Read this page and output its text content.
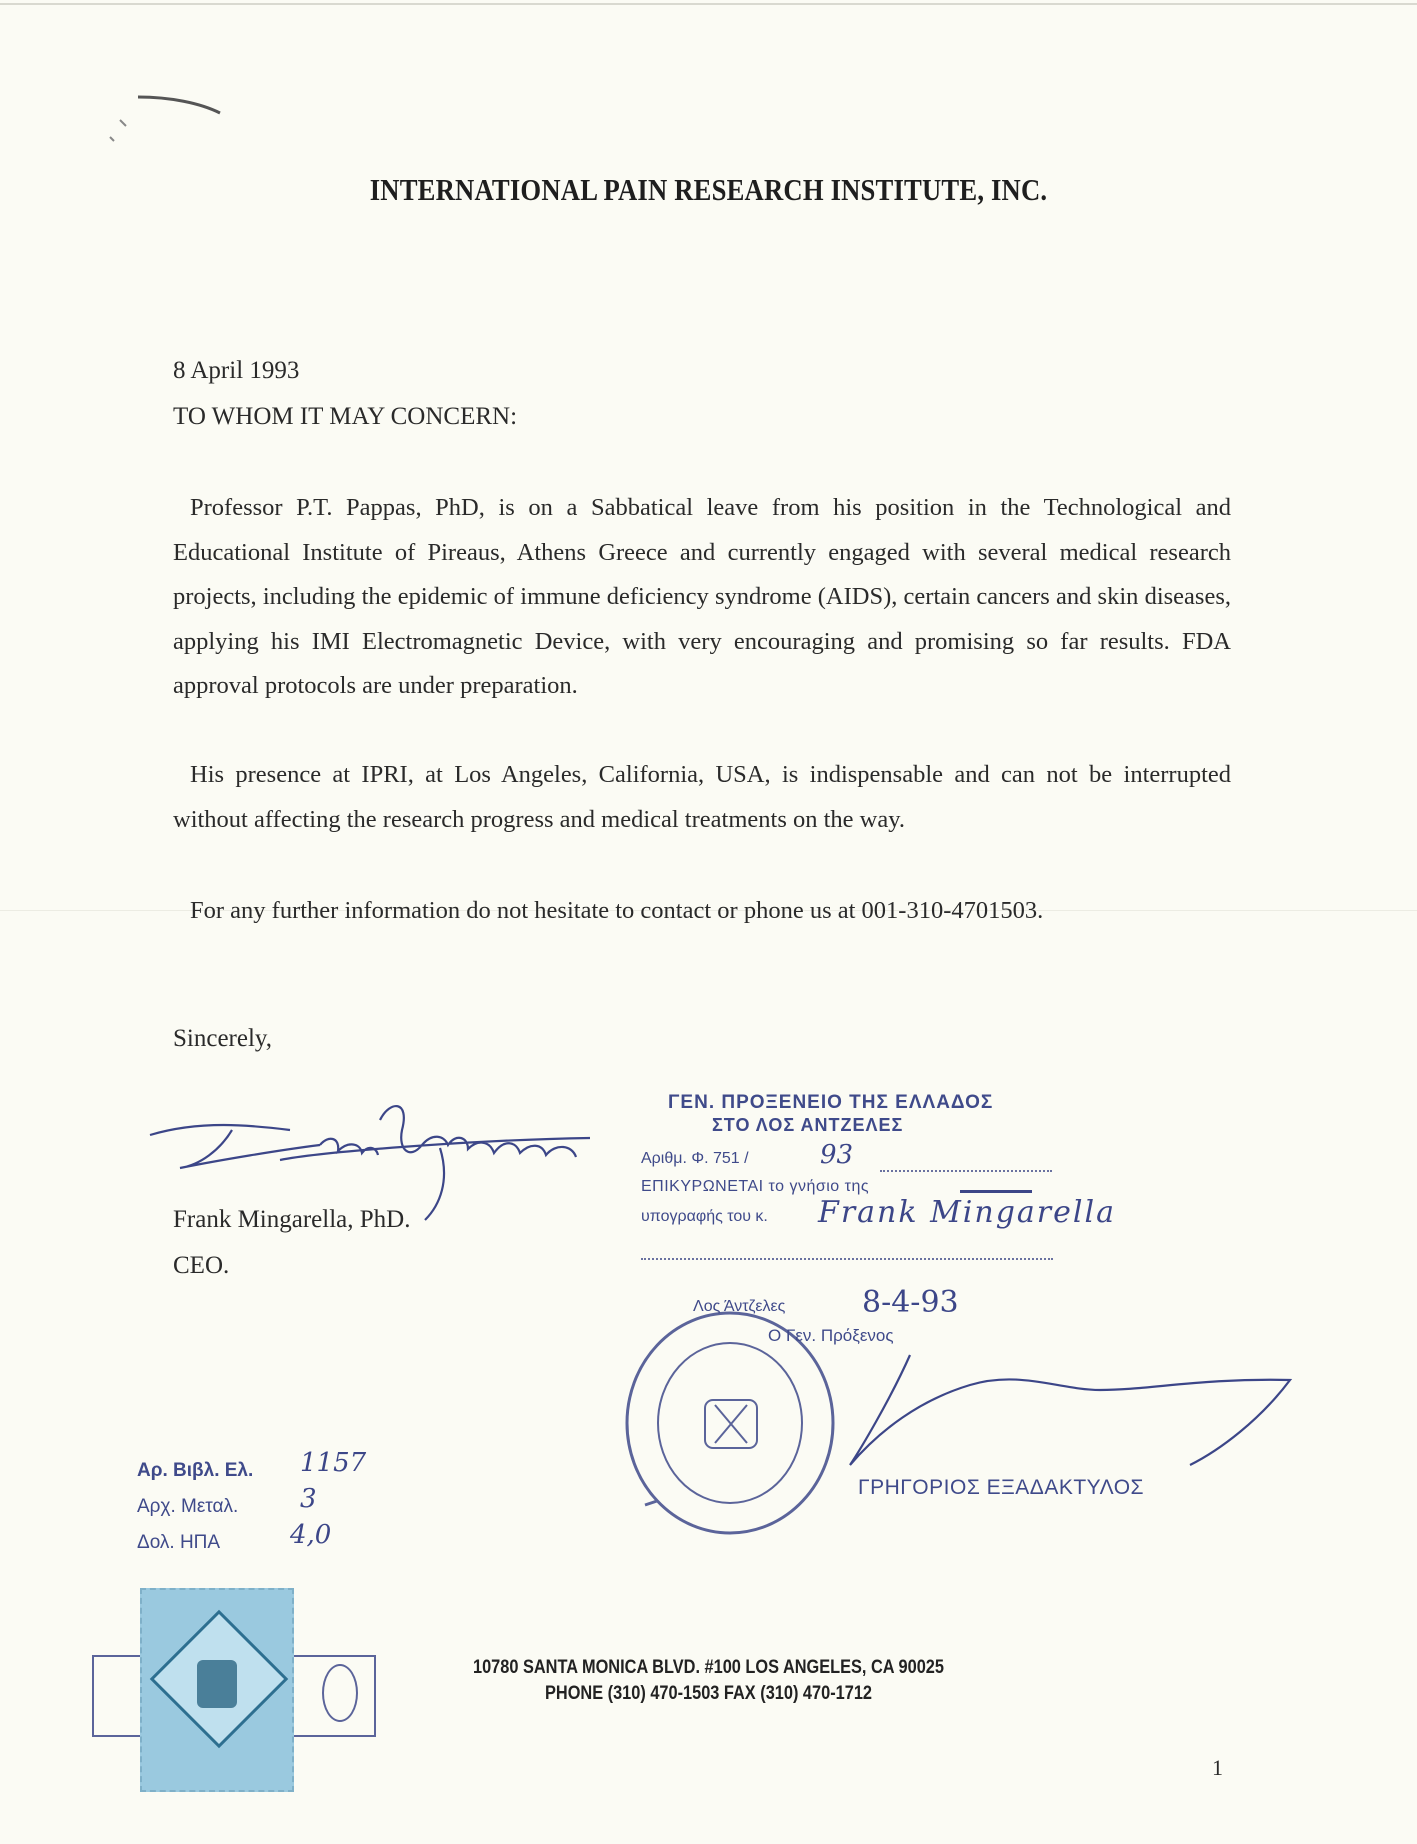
INTERNATIONAL PAIN RESEARCH INSTITUTE, INC.
8 April 1993
TO WHOM IT MAY CONCERN:
Professor P.T. Pappas, PhD, is on a Sabbatical leave from his position in the Technological and Educational Institute of Pireaus, Athens Greece and currently engaged with several medical research projects, including the epidemic of immune deficiency syndrome (AIDS), certain cancers and skin diseases, applying his IMI Electromagnetic Device, with very encouraging and promising so far results. FDA approval protocols are under preparation.
His presence at IPRI, at Los Angeles, California, USA, is indispensable and can not be interrupted without affecting the research progress and medical treatments on the way.
For any further information do not hesitate to contact or phone us at 001-310-4701503.
Sincerely,
Frank Mingarella, PhD.
CEO.
ΓΕΝ. ΠΡΟΞΕΝΕΙΟ ΤΗΣ ΕΛΛΑΔΟΣ
ΣΤΟ ΛΟΣ ΑΝΤΖΕΛΕΣ
Αριθμ. Φ. 751 /	93
ΕΠΙΚΥΡΩΝΕΤΑΙ το γνήσιο της
υπογραφής του κ. Frank Mingarella
Λος Άντζελες	8-4-93
Ο Γεν. Πρόξενος
ΓΡΗΓΟΡΙΟΣ ΕΞΑΔΑΚΤΥΛΟΣ
Αρ. Βιβλ. Ελ. 1157
Αρχ. Μεταλ. 3
Δολ. ΗΠΑ	4,0
10780 SANTA MONICA BLVD. #100 LOS ANGELES, CA 90025
PHONE (310) 470-1503 FAX (310) 470-1712
1
